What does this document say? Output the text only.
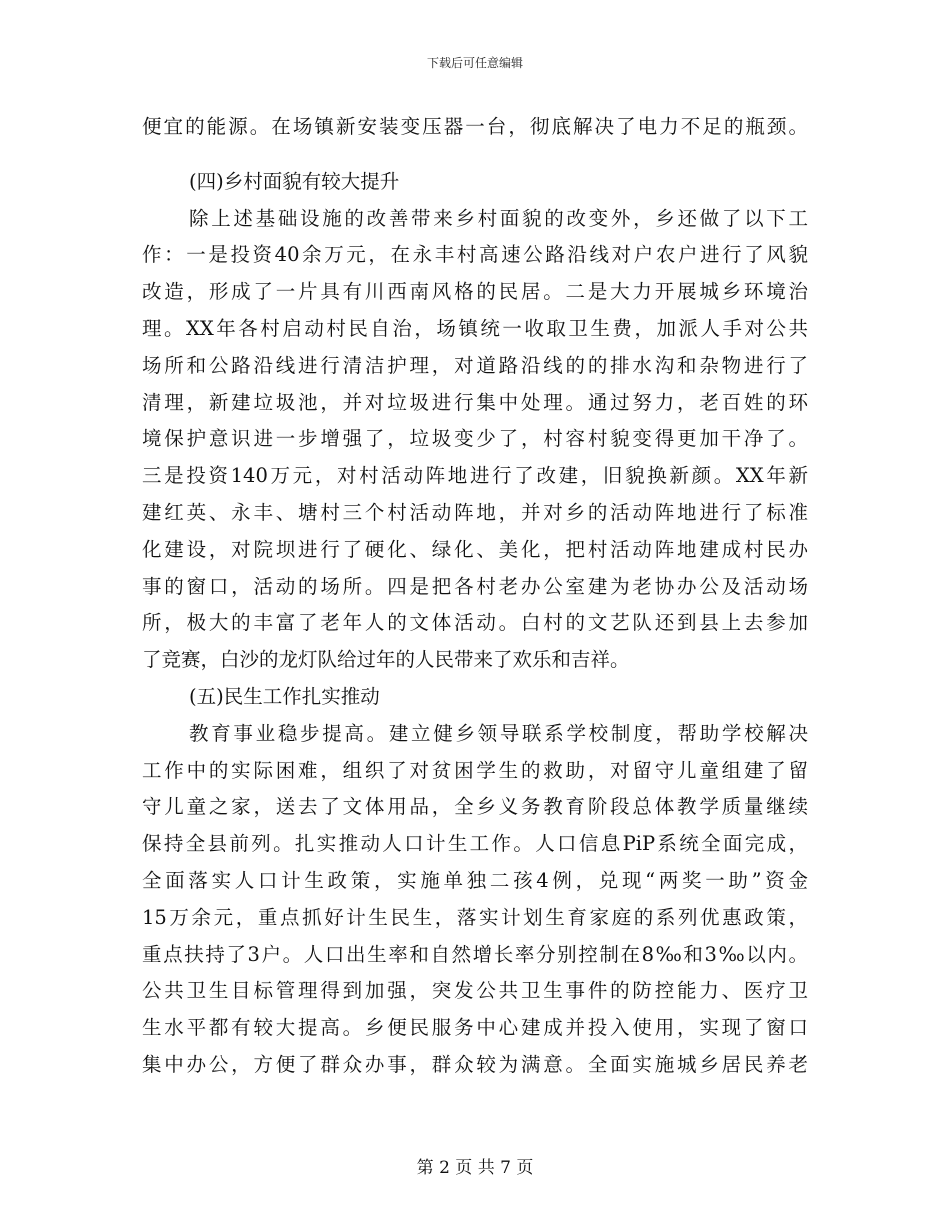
下载后可任意编辑
便宜的能源。在场镇新安装变压器一台，彻底解决了电力不足的瓶颈。
(四)乡村面貌有较大提升
除上述基础设施的改善带来乡村面貌的改变外，乡还做了以下工
作：一是投资40余万元，在永丰村高速公路沿线对户农户进行了风貌
改造，形成了一片具有川西南风格的民居。二是大力开展城乡环境治
理。XX年各村启动村民自治，场镇统一收取卫生费，加派人手对公共
场所和公路沿线进行清洁护理，对道路沿线的的排水沟和杂物进行了
清理，新建垃圾池，并对垃圾进行集中处理。通过努力，老百姓的环
境保护意识进一步增强了，垃圾变少了，村容村貌变得更加干净了。
三是投资140万元，对村活动阵地进行了改建，旧貌换新颜。XX年新
建红英、永丰、塘村三个村活动阵地，并对乡的活动阵地进行了标准
化建设，对院坝进行了硬化、绿化、美化，把村活动阵地建成村民办
事的窗口，活动的场所。四是把各村老办公室建为老协办公及活动场
所，极大的丰富了老年人的文体活动。白村的文艺队还到县上去参加
了竞赛，白沙的龙灯队给过年的人民带来了欢乐和吉祥。
(五)民生工作扎实推动
教育事业稳步提高。建立健乡领导联系学校制度，帮助学校解决
工作中的实际困难，组织了对贫困学生的救助，对留守儿童组建了留
守儿童之家，送去了文体用品，全乡义务教育阶段总体教学质量继续
保持全县前列。扎实推动人口计生工作。人口信息PiP系统全面完成，
全面落实人口计生政策，实施单独二孩4例，兑现“两奖一助”资金
15万余元，重点抓好计生民生，落实计划生育家庭的系列优惠政策，
重点扶持了3户。人口出生率和自然增长率分别控制在8‰和3‰以内。
公共卫生目标管理得到加强，突发公共卫生事件的防控能力、医疗卫
生水平都有较大提高。乡便民服务中心建成并投入使用，实现了窗口
集中办公，方便了群众办事，群众较为满意。全面实施城乡居民养老
第 2 页 共 7 页
